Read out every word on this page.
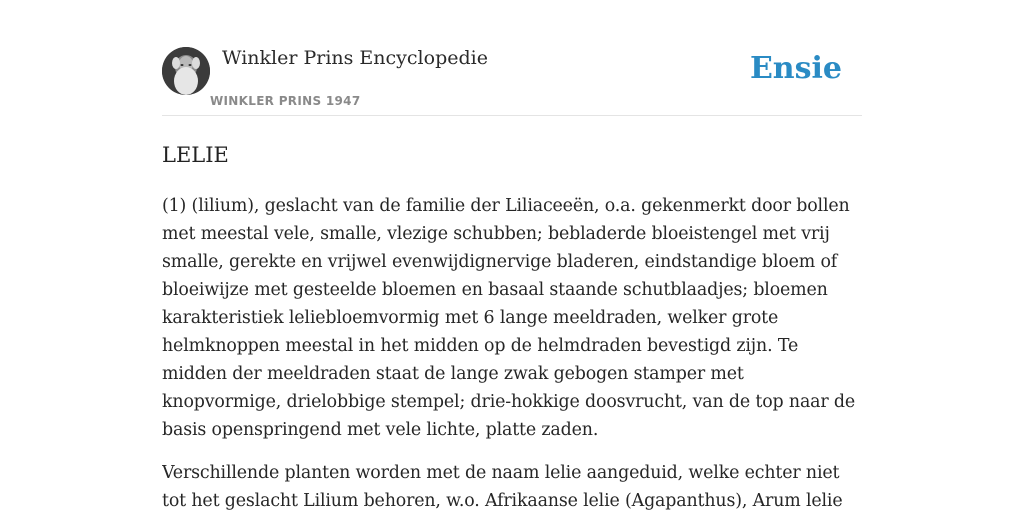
Winkler Prins Encyclopedie
WINKLER PRINS 1947
Ensie
LELIE

(1) (lilium), geslacht van de familie der Liliaceeën, o.a. gekenmerkt door bollen met meestal vele, smalle, vlezige schubben; bebladerde bloeistengel met vrij smalle, gerekte en vrijwel evenwijdignervige bladeren, eindstandige bloem of bloeiwijze met gesteelde bloemen en basaal staande schutblaadjes; bloemen karakteristiek leliebloemvormig met 6 lange meeldraden, welker grote helmknoppen meestal in het midden op de helmdraden bevestigd zijn. Te midden der meeldraden staat de lange zwak gebogen stamper met knopvormige, drielobbige stempel; drie-hokkige doosvrucht, van de top naar de basis openspringend met vele lichte, platte zaden.

Verschillende planten worden met de naam lelie aangeduid, welke echter niet tot het geslacht Lilium behoren, w.o. Afrikaanse lelie (Agapanthus), Arum lelie
